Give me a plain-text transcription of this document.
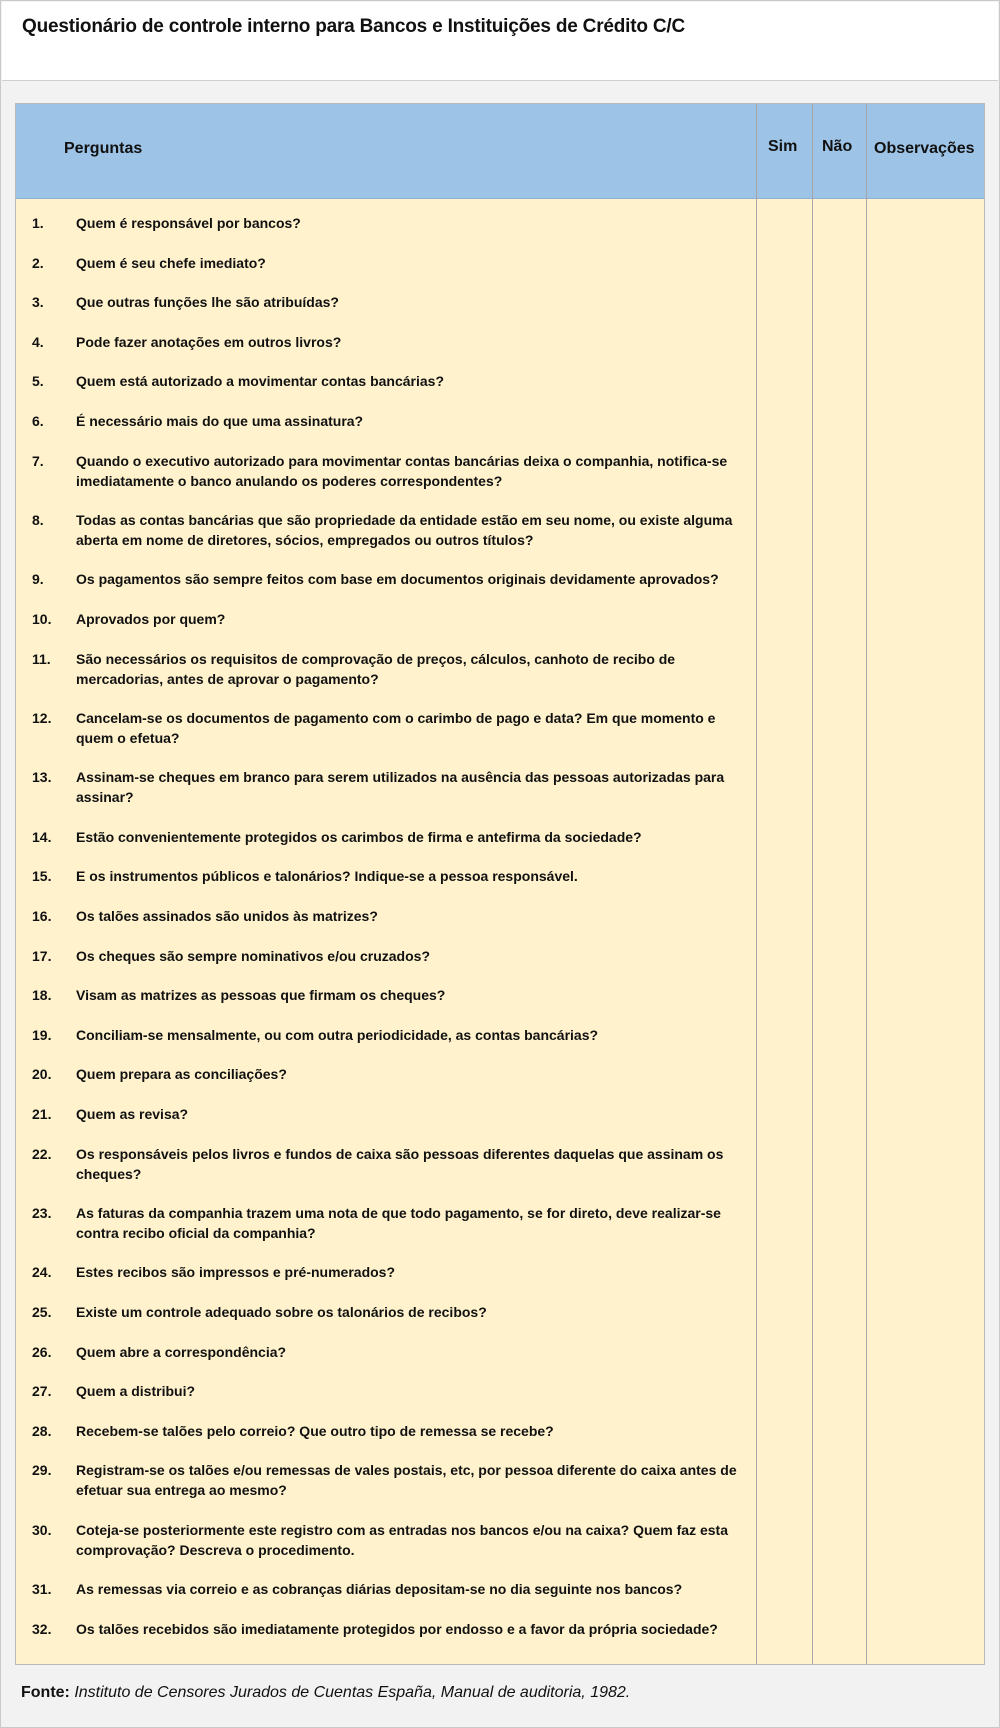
Questionário de controle interno para Bancos e Instituições de Crédito C/C
Perguntas	Sim Não Observações
1.	Quem é responsável por bancos?
2.	Quem é seu chefe imediato?
3.	Que outras funções lhe são atribuídas?
4.	Pode fazer anotações em outros livros?
5.	Quem está autorizado a movimentar contas bancárias?
6.	É necessário mais do que uma assinatura?
7.	Quando o executivo autorizado para movimentar contas bancárias deixa o companhia, notifica-se imediatamente o banco anulando os poderes correspondentes?
8.	Todas as contas bancárias que são propriedade da entidade estão em seu nome, ou existe alguma aberta em nome de diretores, sócios, empregados ou outros títulos?
9.	Os pagamentos são sempre feitos com base em documentos originais devidamente aprovados?
10.	Aprovados por quem?
11.	São necessários os requisitos de comprovação de preços, cálculos, canhoto de recibo de mercadorias, antes de aprovar o pagamento?
12.	Cancelam-se os documentos de pagamento com o carimbo de pago e data? Em que momento e quem o efetua?
13.	Assinam-se cheques em branco para serem utilizados na ausência das pessoas autorizadas para assinar?
14.	Estão convenientemente protegidos os carimbos de firma e antefirma da sociedade?
15.	E os instrumentos públicos e talonários? Indique-se a pessoa responsável.
16.	Os talões assinados são unidos às matrizes?
17.	Os cheques são sempre nominativos e/ou cruzados?
18.	Visam as matrizes as pessoas que firmam os cheques?
19.	Conciliam-se mensalmente, ou com outra periodicidade, as contas bancárias?
20.	Quem prepara as conciliações?
21.	Quem as revisa?
22.	Os responsáveis pelos livros e fundos de caixa são pessoas diferentes daquelas que assinam os cheques?
23.	As faturas da companhia trazem uma nota de que todo pagamento, se for direto, deve realizar-se contra recibo oficial da companhia?
24.	Estes recibos são impressos e pré-numerados?
25.	Existe um controle adequado sobre os talonários de recibos?
26.	Quem abre a correspondência?
27.	Quem a distribui?
28.	Recebem-se talões pelo correio? Que outro tipo de remessa se recebe?
29.	Registram-se os talões e/ou remessas de vales postais, etc, por pessoa diferente do caixa antes de efetuar sua entrega ao mesmo?
30.	Coteja-se posteriormente este registro com as entradas nos bancos e/ou na caixa? Quem faz esta comprovação? Descreva o procedimento.
31.	As remessas via correio e as cobranças diárias depositam-se no dia seguinte nos bancos?
32.	Os talões recebidos são imediatamente protegidos por endosso e a favor da própria sociedade?
Fonte: Instituto de Censores Jurados de Cuentas España, Manual de auditoria, 1982.
